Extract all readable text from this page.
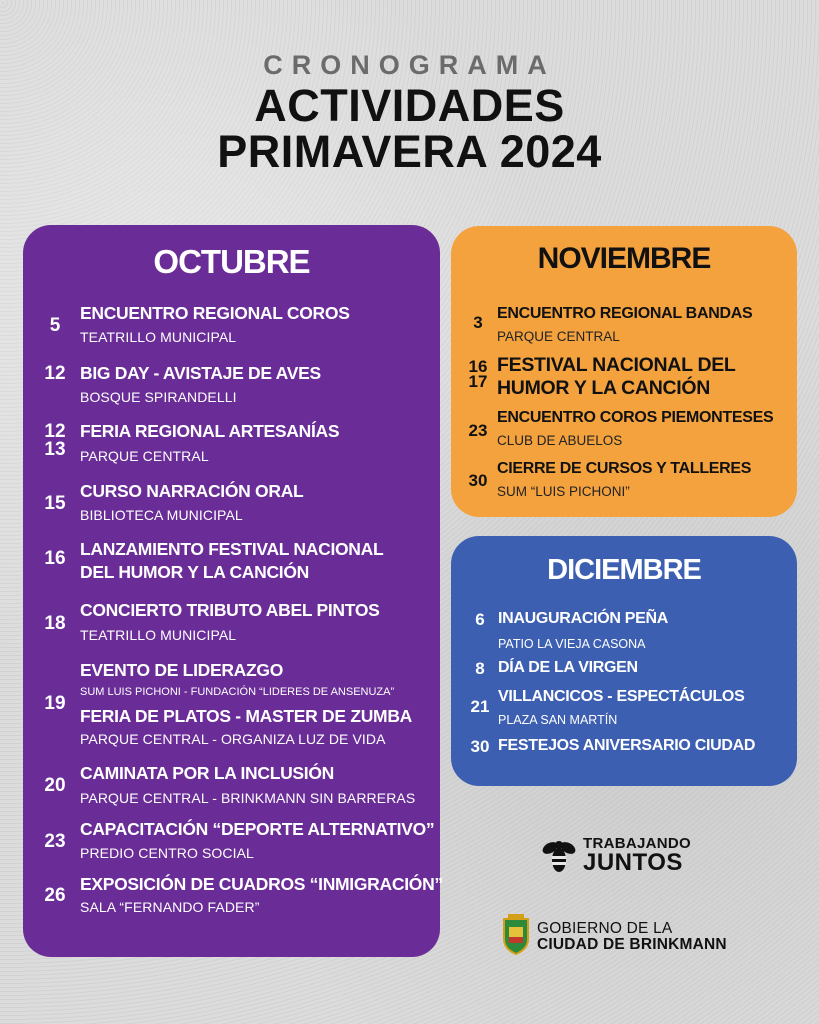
CRONOGRAMA
ACTIVIDADES
PRIMAVERA 2024
OCTUBRE
5
ENCUENTRO REGIONAL COROS
TEATRILLO MUNICIPAL
12 BIG DAY - AVISTAJE DE AVES
BOSQUE SPIRANDELLI
12
13
FERIA REGIONAL ARTESANÍAS
PARQUE CENTRAL
15
CURSO NARRACIÓN ORAL
BIBLIOTECA MUNICIPAL
16 LANZAMIENTO FESTIVAL NACIONAL
DEL HUMOR Y LA CANCIÓN
18
CONCIERTO TRIBUTO ABEL PINTOS
TEATRILLO MUNICIPAL
19
EVENTO DE LIDERAZGO
SUM LUIS PICHONI - FUNDACIÓN “LIDERES DE ANSENUZA”
FERIA DE PLATOS - MASTER DE ZUMBA
PARQUE CENTRAL - ORGANIZA LUZ DE VIDA
20
CAMINATA POR LA INCLUSIÓN
PARQUE CENTRAL - BRINKMANN SIN BARRERAS
23
CAPACITACIÓN “DEPORTE ALTERNATIVO”
PREDIO CENTRO SOCIAL
26
EXPOSICIÓN DE CUADROS “INMIGRACIÓN”
SALA “FERNANDO FADER”
NOVIEMBRE
3 ENCUENTRO REGIONAL BANDAS
PARQUE CENTRAL
16
17
FESTIVAL NACIONAL DEL
HUMOR Y LA CANCIÓN
23
ENCUENTRO COROS PIEMONTESES
CLUB DE ABUELOS
30
CIERRE DE CURSOS Y TALLERES
SUM “LUIS PICHONI”
DICIEMBRE
6 INAUGURACIÓN PEÑA
PATIO LA VIEJA CASONA
8 DÍA DE LA VIRGEN
21
VILLANCICOS - ESPECTÁCULOS
PLAZA SAN MARTÍN
30 FESTEJOS ANIVERSARIO CIUDAD
TRABAJANDO
JUNTOS
GOBIERNO DE LA
CIUDAD DE BRINKMANN
